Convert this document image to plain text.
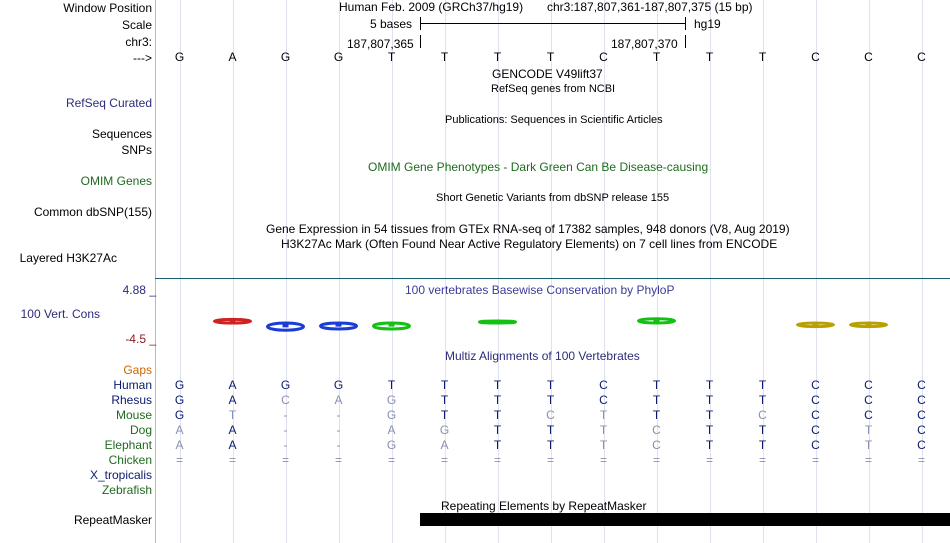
Window Position
Scale
chr3:
--->
Human Feb. 2009 (GRCh37/hg19) chr3:187,807,361-187,807,375 (15 bp)
5 bases	hg19
187,807,365	187,807,370
G	A	G	G	T	T	T	T	C	T	T	T	C	C	C
GENCODE V49lift37
RefSeq genes from NCBI
RefSeq Curated
Sequences
Publications: Sequences in Scientific Articles
SNPs
OMIM Gene Phenotypes - Dark Green Can Be Disease-causing
OMIM Genes
Short Genetic Variants from dbSNP release 155
Common dbSNP(155)
Gene Expression in 54 tissues from GTEx RNA-seq of 17382 samples, 948 donors (V8, Aug 2019)
H3K27Ac Mark (Often Found Near Active Regulatory Elements) on 7 cell lines from ENCODE
Layered H3K27Ac
100 vertebrates Basewise Conservation by PhyloP
4.88 _
100 Vert. Cons
-4.5 _
Multiz Alignments of 100 Vertebrates
Gaps
Human	G	A	G	G	T	T	T	T	C	T	T	T	C	C	C
Rhesus	G	A	C	A	G	T	T	T	C	T	T	T	C	C	C
Mouse	G	T	-	-	G	T	T	C	T	T	T	C	C	C	C
Dog	A	A	-	-	A	G	T	T	T	C	T	T	C	T	C
Elephant	A	A	-	-	G	A	T	T	T	C	T	T	C	T	C
Chicken	=	=	=	=	=	=	=	=	=	=	=	=	=	=	=
X_tropicalis
Zebrafish
Repeating Elements by RepeatMasker
RepeatMasker
